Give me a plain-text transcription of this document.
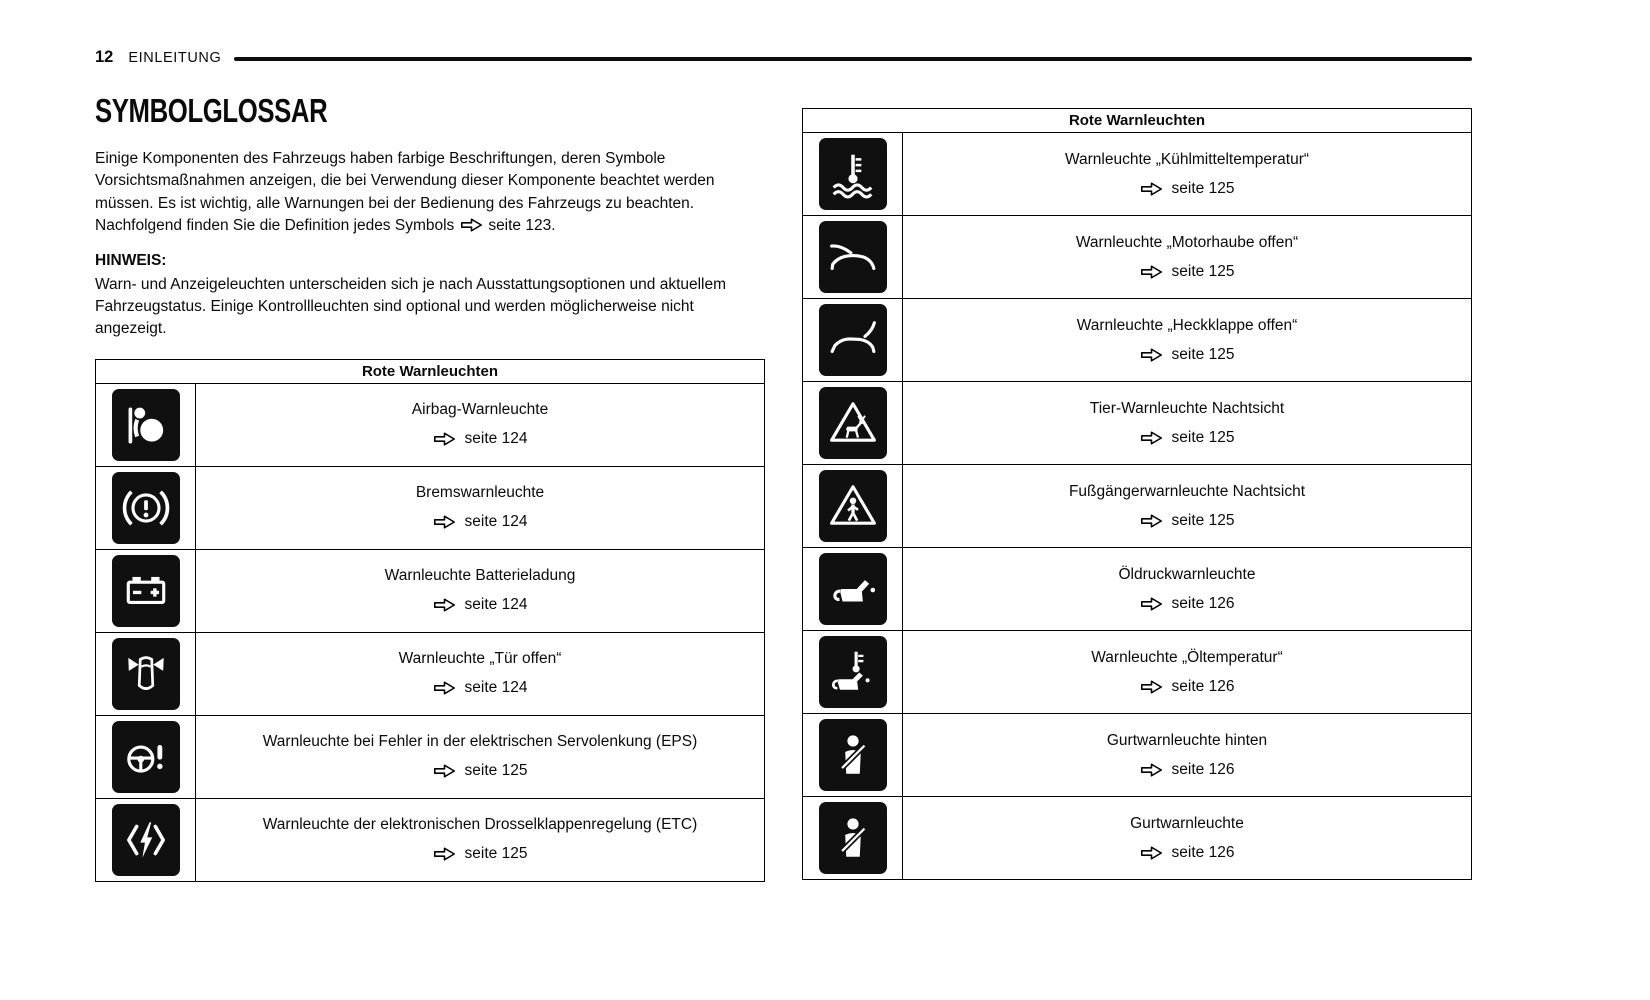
12 EINLEITUNG
SYMBOLGLOSSAR

Einige Komponenten des Fahrzeugs haben farbige Beschriftungen, deren Symbole Vorsichtsmaßnahmen anzeigen, die bei Verwendung dieser Komponente beachtet werden müssen. Es ist wichtig, alle Warnungen bei der Bedienung des Fahrzeugs zu beachten. Nachfolgend finden Sie die Definition jedes Symbols seite 123.

HINWEIS:

Warn- und Anzeigeleuchten unterscheiden sich je nach Ausstattungsoptionen und aktuellem Fahrzeugstatus. Einige Kontrollleuchten sind optional und werden möglicherweise nicht angezeigt.

Rote Warnleuchten
Airbag-Warnleuchte
seite 124
Bremswarnleuchte
seite 124
Warnleuchte Batterieladung
seite 124
Warnleuchte „Tür offen“
seite 124
Warnleuchte bei Fehler in der elektrischen Servolenkung (EPS)
seite 125
Warnleuchte der elektronischen Drosselklappenregelung (ETC)
seite 125
Rote Warnleuchten
Warnleuchte „Kühlmitteltemperatur“
seite 125
Warnleuchte „Motorhaube offen“
seite 125
Warnleuchte „Heckklappe offen“
seite 125
Tier-Warnleuchte Nachtsicht
seite 125
Fußgängerwarnleuchte Nachtsicht
seite 125
Öldruckwarnleuchte
seite 126
Warnleuchte „Öltemperatur“
seite 126
Gurtwarnleuchte hinten
seite 126
Gurtwarnleuchte
seite 126
